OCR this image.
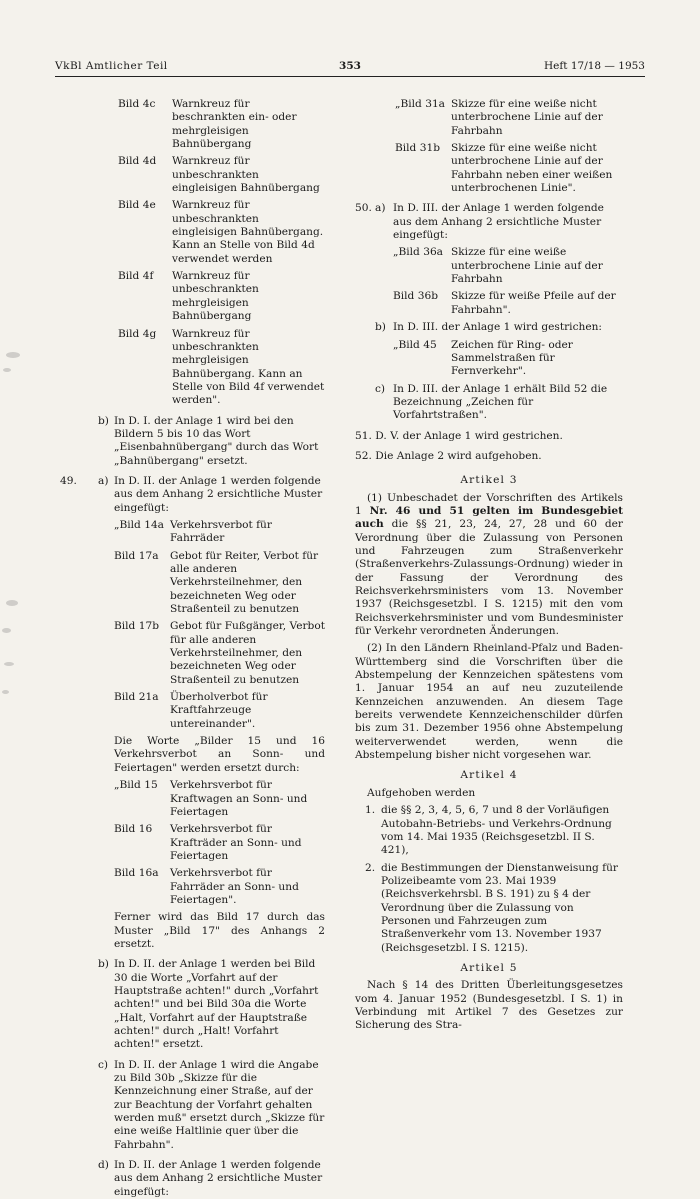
VkBl Amtlicher Teil	353	Heft 17/18 — 1953
Bild 4c	Warnkreuz für beschrankten ein- oder mehrgleisigen Bahnübergang
Bild 4d	Warnkreuz für unbeschrankten eingleisigen Bahnübergang
Bild 4e	Warnkreuz für unbeschrankten eingleisigen Bahnübergang. Kann an Stelle von Bild 4d verwendet werden
Bild 4f	Warnkreuz für unbeschrankten mehrgleisigen Bahnübergang
Bild 4g	Warnkreuz für unbeschrankten mehrgleisigen Bahnübergang. Kann an Stelle von Bild 4f verwendet werden".
b) In D. I. der Anlage 1 wird bei den Bildern 5 bis 10 das Wort „Eisenbahnübergang" durch das Wort „Bahnübergang" ersetzt.
49.	a) In D. II. der Anlage 1 werden folgende aus dem Anhang 2 ersichtliche Muster eingefügt:
„Bild 14a Verkehrsverbot für Fahrräder
Bild 17a	Gebot für Reiter, Verbot für alle anderen Verkehrsteilnehmer, den bezeichneten Weg oder Straßenteil zu benutzen
Bild 17b	Gebot für Fußgänger, Verbot für alle anderen Verkehrsteilnehmer, den bezeichneten Weg oder Straßenteil zu benutzen
Bild 21a	Überholverbot für Kraftfahrzeuge untereinander".

Die Worte „Bilder 15 und 16 Verkehrsverbot an Sonn- und Feiertagen" werden ersetzt durch:

„Bild 15	Verkehrsverbot für Kraftwagen an Sonn- und Feiertagen
Bild 16	Verkehrsverbot für Krafträder an Sonn- und Feiertagen
Bild 16a	Verkehrsverbot für Fahrräder an Sonn- und Feiertagen".

Ferner wird das Bild 17 durch das Muster „Bild 17" des Anhangs 2 ersetzt.

b) In D. II. der Anlage 1 werden bei Bild 30 die Worte „Vorfahrt auf der Hauptstraße achten!" durch „Vorfahrt achten!" und bei Bild 30a die Worte „Halt, Vorfahrt auf der Hauptstraße achten!" durch „Halt! Vorfahrt achten!" ersetzt.
c) In D. II. der Anlage 1 wird die Angabe zu Bild 30b „Skizze für die Kennzeichnung einer Straße, auf der zur Beachtung der Vorfahrt gehalten werden muß" ersetzt durch „Skizze für eine weiße Haltlinie quer über die Fahrbahn".
d) In D. II. der Anlage 1 werden folgende aus dem Anhang 2 ersichtliche Muster eingefügt:
„Bild 31a Skizze für eine weiße nicht unterbrochene Linie auf der Fahrbahn
Bild 31b	Skizze für eine weiße nicht unterbrochene Linie auf der Fahrbahn neben einer weißen unterbrochenen Linie".
50. a) In D. III. der Anlage 1 werden folgende aus dem Anhang 2 ersichtliche Muster eingefügt:
„Bild 36a Skizze für eine weiße unterbrochene Linie auf der Fahrbahn
Bild 36b	Skizze für weiße Pfeile auf der Fahrbahn".
b) In D. III. der Anlage 1 wird gestrichen:
„Bild 45	Zeichen für Ring- oder Sammelstraßen für Fernverkehr".
c) In D. III. der Anlage 1 erhält Bild 52 die Bezeichnung „Zeichen für Vorfahrtstraßen".

51. D. V. der Anlage 1 wird gestrichen.

52. Die Anlage 2 wird aufgehoben.

Artikel 3

(1) Unbeschadet der Vorschriften des Artikels 1 Nr. 46 und 51 gelten im Bundesgebiet auch die §§ 21, 23, 24, 27, 28 und 60 der Verordnung über die Zulassung von Personen und Fahrzeugen zum Straßenverkehr (Straßenverkehrs-Zulassungs-Ordnung) wieder in der Fassung der Verordnung des Reichsverkehrsministers vom 13. November 1937 (Reichsgesetzbl. I S. 1215) mit den vom Reichsverkehrsminister und vom Bundesminister für Verkehr verordneten Änderungen.

(2) In den Ländern Rheinland-Pfalz und Baden-Württemberg sind die Vorschriften über die Abstempelung der Kennzeichen spätestens vom 1. Januar 1954 an auf neu zuzuteilende Kennzeichen anzuwenden. An diesem Tage bereits verwendete Kennzeichenschilder dürfen bis zum 31. Dezember 1956 ohne Abstempelung weiterverwendet werden, wenn die Abstempelung bisher nicht vorgesehen war.

Artikel 4

Aufgehoben werden

1. die §§ 2, 3, 4, 5, 6, 7 und 8 der Vorläufigen Autobahn-Betriebs- und Verkehrs-Ordnung vom 14. Mai 1935 (Reichsgesetzbl. II S. 421),
2. die Bestimmungen der Dienstanweisung für Polizeibeamte vom 23. Mai 1939 (Reichsverkehrsbl. B S. 191) zu § 4 der Verordnung über die Zulassung von Personen und Fahrzeugen zum Straßenverkehr vom 13. November 1937 (Reichsgesetzbl. I S. 1215).

Artikel 5

Nach § 14 des Dritten Überleitungsgesetzes vom 4. Januar 1952 (Bundesgesetzbl. I S. 1) in Verbindung mit Artikel 7 des Gesetzes zur Sicherung des Stra-
